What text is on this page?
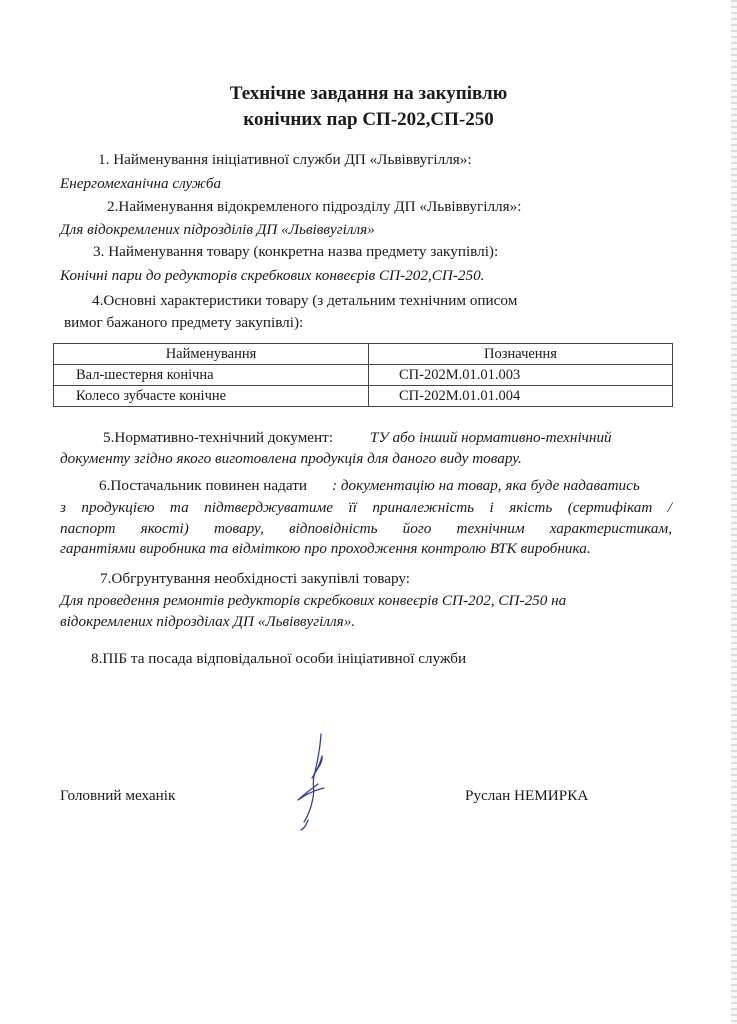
Технічне завдання на закупівлю
конічних пар СП-202,СП-250
1. Найменування ініціативної служби ДП «Львіввугілля»:
Енергомеханічна служба
2.Найменування відокремленого підрозділу ДП «Львіввугілля»:
Для відокремлених підрозділів ДП «Львіввугілля»
3. Найменування товару (конкретна назва предмету закупівлі):
Конічні пари до редукторів скребкових конвеєрів СП-202,СП-250.
4.Основні характеристики товару (з детальним технічним описом
вимог бажаного предмету закупівлі):
Найменування	Позначення
Вал-шестерня конічна	СП-202М.01.01.003
Колесо зубчасте конічне	СП-202М.01.01.004
5.Нормативно-технічний документ: ТУ або інший нормативно-технічний
документу згідно якого виготовлена продукція для даного виду товару.
6.Постачальник повинен надати : документацію на товар, яка буде надаватись
з продукцією та підтверджуватиме її приналежність і якість (сертифікат /
паспорт якості) товару, відповідність його технічним характеристикам,
гарантіями виробника та відміткою про проходження контролю ВТК виробника.
7.Обгрунтування необхідності закупівлі товару:
Для проведення ремонтів редукторів скребкових конвеєрів СП-202, СП-250 на
відокремлених підрозділах ДП «Львіввугілля».
8.ПІБ та посада відповідальної особи ініціативної служби
Головний механік	Руслан НЕМИРКА
